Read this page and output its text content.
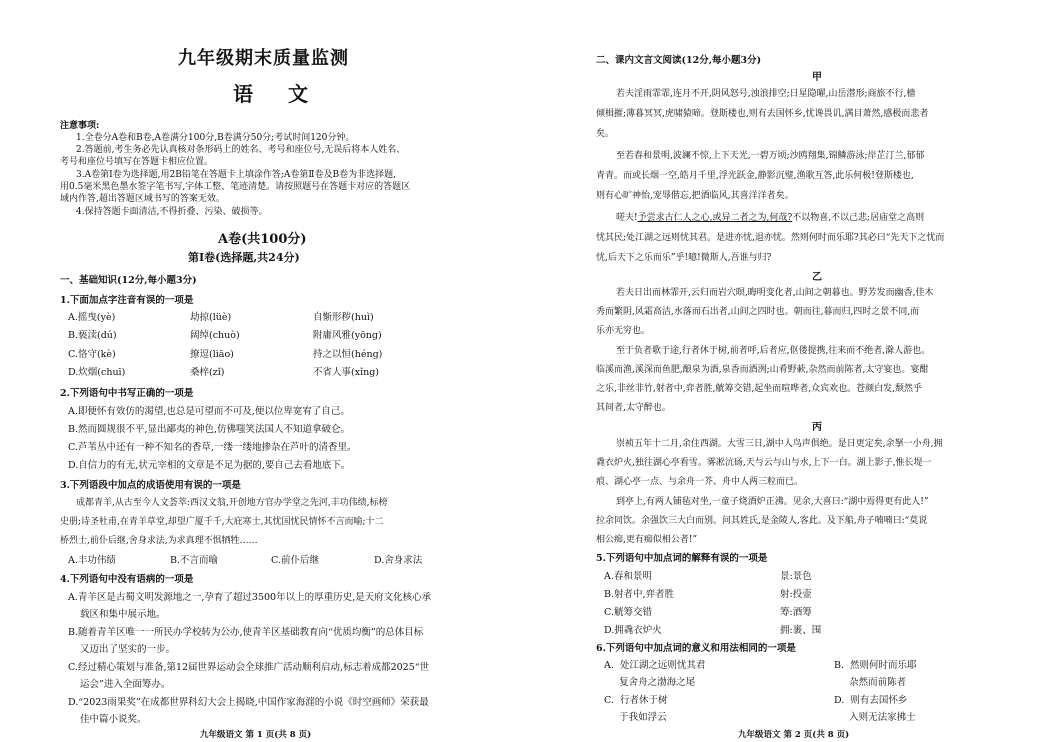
九年级期末质量监测
语 文
注意事项:
1.全卷分A卷和B卷,A卷满分100分,B卷满分50分;考试时间120分钟。
2.答题前,考生务必先认真核对条形码上的姓名、考号和座位号,无误后将本人姓名、
考号和座位号填写在答题卡相应位置。
3.A卷第Ⅰ卷为选择题,用2B铅笔在答题卡上填涂作答;A卷第Ⅱ卷及B卷为非选择题,
用0.5毫米黑色墨水签字笔书写,字体工整、笔迹清楚。请按照题号在答题卡对应的答题区
域内作答,超出答题区域书写的答案无效。
4.保持答题卡面清洁,不得折叠、污染、破损等。
A卷(共100分)
第Ⅰ卷(选择题,共24分)
一、基础知识(12分,每小题3分)
1.下面加点字注音有误的一项是
A.摇曳(yè)	劫掠(lüè)	自惭形秽(huì)
B.亵渎(dú)	阔绰(chuò)	附庸风雅(yōng)
C.恪守(kè)	撩逗(liāo)	持之以恒(héng)
D.炊烟(chuī)	桑梓(zǐ)	不省人事(xǐng)
2.下列语句中书写正确的一项是
A.即便怀有效仿的渴望,也总是可望而不可及,便以位卑宽宥了自己。
B.然而圆规很不平,显出鄙夷的神色,仿佛嗤笑法国人不知道拿破仑。
C.芦苇丛中还有一种不知名的香草,一缕一缕地掺杂在芦叶的清香里。
D.自信力的有无,状元宰相的文章是不足为据的,要自己去看地底下。
3.下列语段中加点的成语使用有误的一项是
成都青羊,从古至今人文荟萃:西汉文翁,开创地方官办学堂之先河,丰功伟绩,标榜
史册;诗圣杜甫,在青羊草堂,却望广厦千千,大庇寒士,其忧国忧民情怀不言而喻;十二
桥烈士,前仆后继,舍身求法,为求真理不惧牺牲……
A.丰功伟绩	B.不言而喻	C.前仆后继	D.舍身求法
4.下列语句中没有语病的一项是
A.青羊区是古蜀文明发源地之一,孕育了超过3500年以上的厚重历史,是天府文化核心承
载区和集中展示地。
B.随着青羊区唯一一所民办学校转为公办,使青羊区基础教育向“优质均衡”的总体目标
又迈出了坚实的一步。
C.经过精心策划与准备,第12届世界运动会全球推广活动顺利启动,标志着成都2025“世
运会”进入全面筹办。
D.“2023雨果奖”在成都世界科幻大会上揭晓,中国作家海漄的小说《时空画师》荣获最
佳中篇小说奖。
九年级语文 第 1 页(共 8 页)
二、课内文言文阅读(12分,每小题3分)
甲
若夫淫雨霏霏,连月不开,阴风怒号,浊浪排空;日星隐曜,山岳潜形;商旅不行,樯
倾楫摧;薄暮冥冥,虎啸猿啼。登斯楼也,则有去国怀乡,忧谗畏讥,满目萧然,感极而悲者
矣。
至若春和景明,波澜不惊,上下天光,一碧万顷;沙鸥翔集,锦鳞游泳;岸芷汀兰,郁郁
青青。而或长烟一空,皓月千里,浮光跃金,静影沉璧,渔歌互答,此乐何极!登斯楼也,
则有心旷神怡,宠辱偕忘,把酒临风,其喜洋洋者矣。
嗟夫!予尝求古仁人之心,或异二者之为,何哉?不以物喜,不以己悲;居庙堂之高则
忧其民;处江湖之远则忧其君。是进亦忧,退亦忧。然则何时而乐耶?其必曰“先天下之忧而
忧,后天下之乐而乐”乎!噫!微斯人,吾谁与归?
乙
若夫日出而林霏开,云归而岩穴暝,晦明变化者,山间之朝暮也。野芳发而幽香,佳木
秀而繁阴,风霜高洁,水落而石出者,山间之四时也。朝而往,暮而归,四时之景不同,而
乐亦无穷也。
至于负者歌于途,行者休于树,前者呼,后者应,伛偻提携,往来而不绝者,滁人游也。
临溪而渔,溪深而鱼肥,酿泉为酒,泉香而酒洌;山肴野蔌,杂然而前陈者,太守宴也。宴酣
之乐,非丝非竹,射者中,弈者胜,觥筹交错,起坐而喧哗者,众宾欢也。苍颜白发,颓然乎
其间者,太守醉也。
丙
崇祯五年十二月,余住西湖。大雪三日,湖中人鸟声俱绝。是日更定矣,余拏一小舟,拥
毳衣炉火,独往湖心亭看雪。雾凇沆砀,天与云与山与水,上下一白。湖上影子,惟长堤一
痕、湖心亭一点、与余舟一芥、舟中人两三粒而已。
到亭上,有两人铺毡对坐,一童子烧酒炉正沸。见余,大喜曰:“湖中焉得更有此人!”
拉余同饮。余强饮三大白而别。问其姓氏,是金陵人,客此。及下船,舟子喃喃曰:“莫说
相公痴,更有痴似相公者!”
5.下列语句中加点词的解释有误的一项是
A.春和景明	景:景色
B.射者中,弈者胜	射:投壶
C.觥筹交错	筹:酒筹
D.拥毳衣炉火	拥:裹、围
6.下列语句中加点词的意义和用法相同的一项是
A.  处江湖之远则忧其君	B.  然则何时而乐耶
复舍舟之渤海之尾	杂然而前陈者
C.  行者休于树	D.  则有去国怀乡
于我如浮云	入则无法家拂士
九年级语文 第 2 页(共 8 页)
